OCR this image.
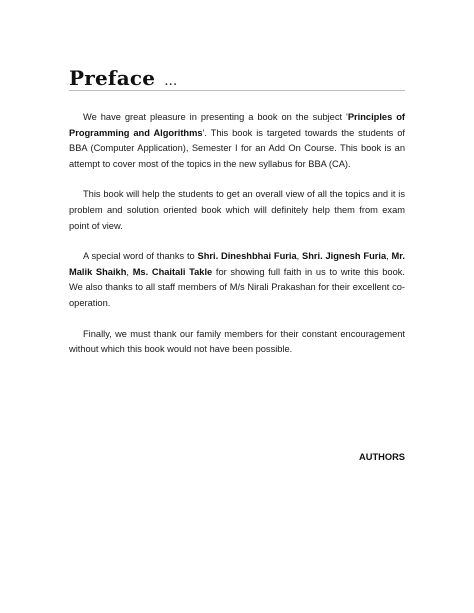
Preface ...

We have great pleasure in presenting a book on the subject 'Principles of Programming and Algorithms'. This book is targeted towards the students of BBA (Computer Application), Semester I for an Add On Course. This book is an attempt to cover most of the topics in the new syllabus for BBA (CA).

This book will help the students to get an overall view of all the topics and it is problem and solution oriented book which will definitely help them from exam point of view.

A special word of thanks to Shri. Dineshbhai Furia, Shri. Jignesh Furia, Mr. Malik Shaikh, Ms. Chaitali Takle for showing full faith in us to write this book. We also thanks to all staff members of M/s Nirali Prakashan for their excellent co-operation.

Finally, we must thank our family members for their constant encouragement without which this book would not have been possible.

AUTHORS
